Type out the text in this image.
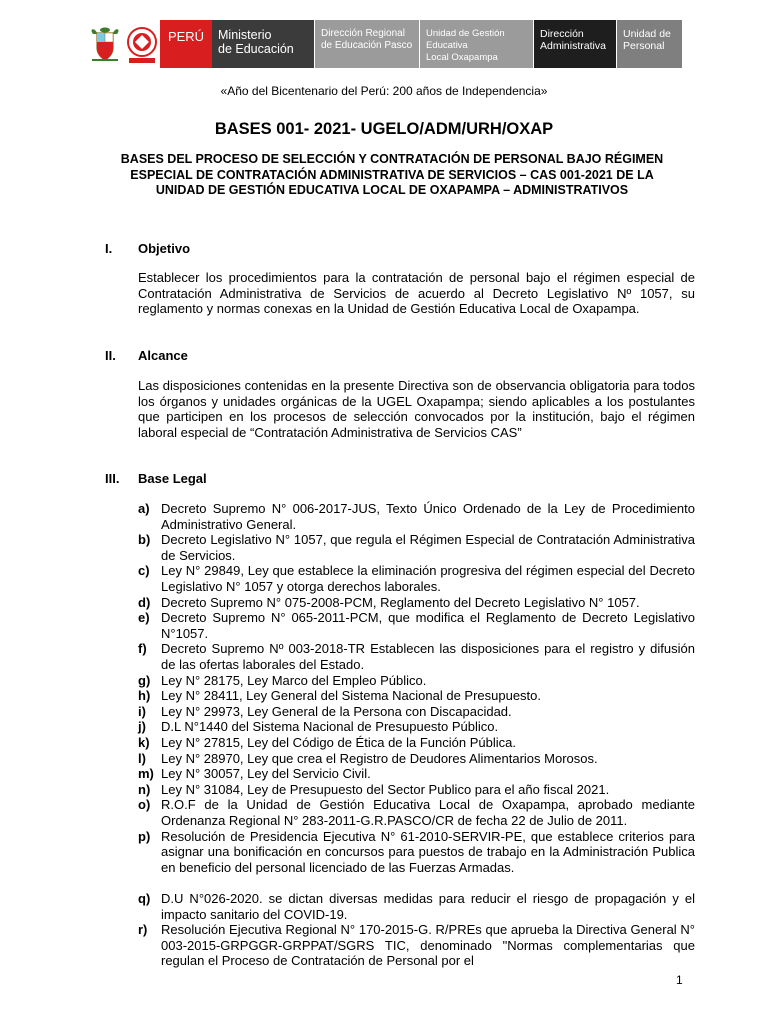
PERÚ	Ministerio
de Educación
Dirección Regional
de Educación Pasco
Unidad de Gestión Educativa
Local Oxapampa
Dirección
Administrativa
Unidad de
Personal
«Año del Bicentenario del Perú: 200 años de Independencia»
BASES 001- 2021- UGELO/ADM/URH/OXAP
BASES DEL PROCESO DE SELECCIÓN Y CONTRATACIÓN DE PERSONAL BAJO RÉGIMEN ESPECIAL DE CONTRATACIÓN ADMINISTRATIVA DE SERVICIOS – CAS 001-2021 DE LA UNIDAD DE GESTIÓN EDUCATIVA LOCAL DE OXAPAMPA – ADMINISTRATIVOS
I. Objetivo
Establecer los procedimientos para la contratación de personal bajo el régimen especial de Contratación Administrativa de Servicios de acuerdo al Decreto Legislativo Nº 1057, su reglamento y normas conexas en la Unidad de Gestión Educativa Local de Oxapampa.
II. Alcance
Las disposiciones contenidas en la presente Directiva son de observancia obligatoria para todos los órganos y unidades orgánicas de la UGEL Oxapampa; siendo aplicables a los postulantes que participen en los procesos de selección convocados por la institución, bajo el régimen laboral especial de “Contratación Administrativa de Servicios CAS”
III. Base Legal
a) Decreto Supremo N° 006-2017-JUS, Texto Único Ordenado de la Ley de Procedimiento Administrativo General.
b) Decreto Legislativo N° 1057, que regula el Régimen Especial de Contratación Administrativa de Servicios.
c) Ley N° 29849, Ley que establece la eliminación progresiva del régimen especial del Decreto Legislativo N° 1057 y otorga derechos laborales.
d) Decreto Supremo N° 075-2008-PCM, Reglamento del Decreto Legislativo N° 1057.
e) Decreto Supremo N° 065-2011-PCM, que modifica el Reglamento de Decreto Legislativo N°1057.
f) Decreto Supremo Nº 003-2018-TR Establecen las disposiciones para el registro y difusión de las ofertas laborales del Estado.
g) Ley N° 28175, Ley Marco del Empleo Público.
h) Ley N° 28411, Ley General del Sistema Nacional de Presupuesto.
i) Ley N° 29973, Ley General de la Persona con Discapacidad.
j) D.L N°1440 del Sistema Nacional de Presupuesto Público.
k) Ley N° 27815, Ley del Código de Ética de la Función Pública.
l) Ley N° 28970, Ley que crea el Registro de Deudores Alimentarios Morosos.
m) Ley N° 30057, Ley del Servicio Civil.
n) Ley N° 31084, Ley de Presupuesto del Sector Publico para el año fiscal 2021.
o) R.O.F de la Unidad de Gestión Educativa Local de Oxapampa, aprobado mediante Ordenanza Regional N° 283-2011-G.R.PASCO/CR de fecha 22 de Julio de 2011.
p) Resolución de Presidencia Ejecutiva N° 61-2010-SERVIR-PE, que establece criterios para asignar una bonificación en concursos para puestos de trabajo en la Administración Publica en beneficio del personal licenciado de las Fuerzas Armadas.
q) D.U N°026-2020. se dictan diversas medidas para reducir el riesgo de propagación y el impacto sanitario del COVID-19.
r) Resolución Ejecutiva Regional N° 170-2015-G. R/PREs que aprueba la Directiva General N° 003-2015-GRPGGR-GRPPAT/SGRS TIC, denominado "Normas complementarias que regulan el Proceso de Contratación de Personal por el
1
